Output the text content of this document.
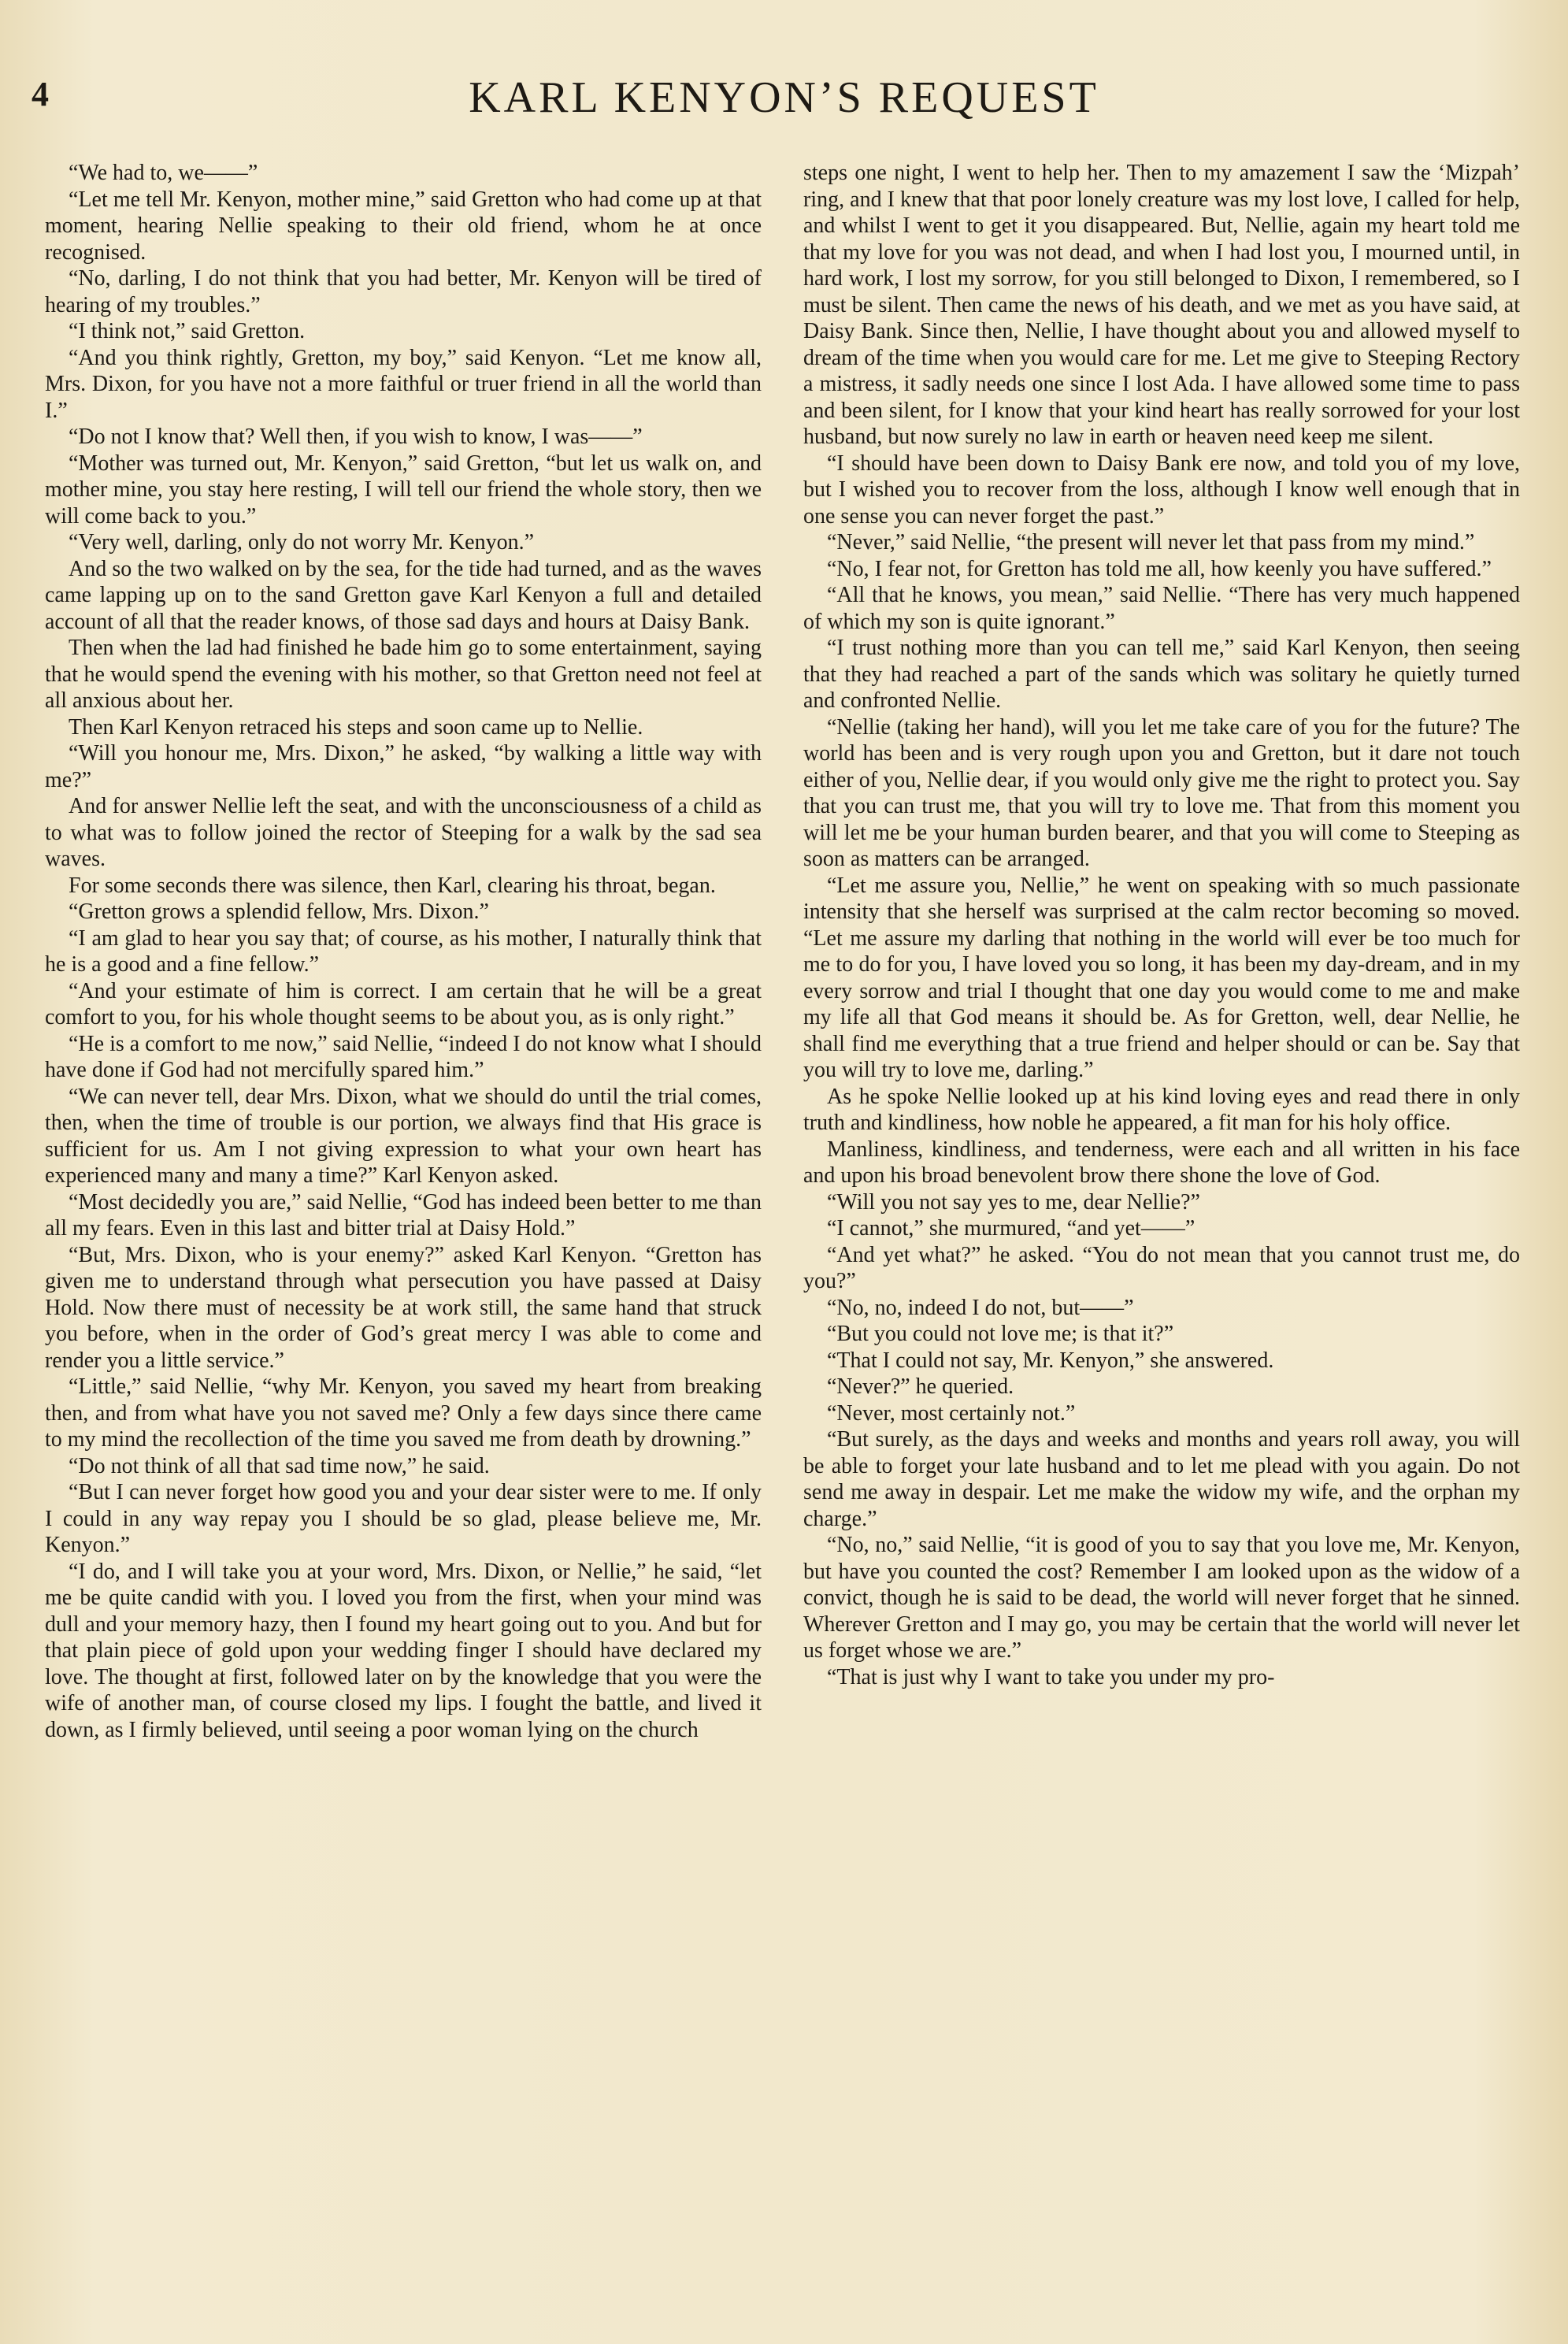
4	KARL KENYON’S REQUEST

“We had to, we——”

“Let me tell Mr. Kenyon, mother mine,” said Gretton who had come up at that moment, hearing Nellie speaking to their old friend, whom he at once recognised.

“No, darling, I do not think that you had better, Mr. Kenyon will be tired of hearing of my troubles.”

“I think not,” said Gretton.

“And you think rightly, Gretton, my boy,” said Kenyon. “Let me know all, Mrs. Dixon, for you have not a more faithful or truer friend in all the world than I.”

“Do not I know that? Well then, if you wish to know, I was——”

“Mother was turned out, Mr. Kenyon,” said Gretton, “but let us walk on, and mother mine, you stay here resting, I will tell our friend the whole story, then we will come back to you.”

“Very well, darling, only do not worry Mr. Kenyon.”

And so the two walked on by the sea, for the tide had turned, and as the waves came lapping up on to the sand Gretton gave Karl Kenyon a full and detailed account of all that the reader knows, of those sad days and hours at Daisy Bank.

Then when the lad had finished he bade him go to some entertainment, saying that he would spend the evening with his mother, so that Gretton need not feel at all anxious about her.

Then Karl Kenyon retraced his steps and soon came up to Nellie.

“Will you honour me, Mrs. Dixon,” he asked, “by walking a little way with me?”

And for answer Nellie left the seat, and with the unconsciousness of a child as to what was to follow joined the rector of Steeping for a walk by the sad sea waves.

For some seconds there was silence, then Karl, clearing his throat, began.

“Gretton grows a splendid fellow, Mrs. Dixon.”

“I am glad to hear you say that; of course, as his mother, I naturally think that he is a good and a fine fellow.”

“And your estimate of him is correct. I am certain that he will be a great comfort to you, for his whole thought seems to be about you, as is only right.”

“He is a comfort to me now,” said Nellie, “indeed I do not know what I should have done if God had not mercifully spared him.”

“We can never tell, dear Mrs. Dixon, what we should do until the trial comes, then, when the time of trouble is our portion, we always find that His grace is sufficient for us. Am I not giving expression to what your own heart has experienced many and many a time?” Karl Kenyon asked.

“Most decidedly you are,” said Nellie, “God has indeed been better to me than all my fears. Even in this last and bitter trial at Daisy Hold.”

“But, Mrs. Dixon, who is your enemy?” asked Karl Kenyon. “Gretton has given me to understand through what persecution you have passed at Daisy Hold. Now there must of necessity be at work still, the same hand that struck you before, when in the order of God’s great mercy I was able to come and render you a little service.”

“Little,” said Nellie, “why Mr. Kenyon, you saved my heart from breaking then, and from what have you not saved me? Only a few days since there came to my mind the recollection of the time you saved me from death by drowning.”

“Do not think of all that sad time now,” he said.

“But I can never forget how good you and your dear sister were to me. If only I could in any way repay you I should be so glad, please believe me, Mr. Kenyon.”

“I do, and I will take you at your word, Mrs. Dixon, or Nellie,” he said, “let me be quite candid with you. I loved you from the first, when your mind was dull and your memory hazy, then I found my heart going out to you. And but for that plain piece of gold upon your wedding finger I should have declared my love. The thought at first, followed later on by the knowledge that you were the wife of another man, of course closed my lips. I fought the battle, and lived it down, as I firmly believed, until seeing a poor woman lying on the church

steps one night, I went to help her. Then to my amazement I saw the ‘Mizpah’ ring, and I knew that that poor lonely creature was my lost love, I called for help, and whilst I went to get it you disappeared. But, Nellie, again my heart told me that my love for you was not dead, and when I had lost you, I mourned until, in hard work, I lost my sorrow, for you still belonged to Dixon, I remembered, so I must be silent. Then came the news of his death, and we met as you have said, at Daisy Bank. Since then, Nellie, I have thought about you and allowed myself to dream of the time when you would care for me. Let me give to Steeping Rectory a mistress, it sadly needs one since I lost Ada. I have allowed some time to pass and been silent, for I know that your kind heart has really sorrowed for your lost husband, but now surely no law in earth or heaven need keep me silent.

“I should have been down to Daisy Bank ere now, and told you of my love, but I wished you to recover from the loss, although I know well enough that in one sense you can never forget the past.”

“Never,” said Nellie, “the present will never let that pass from my mind.”

“No, I fear not, for Gretton has told me all, how keenly you have suffered.”

“All that he knows, you mean,” said Nellie. “There has very much happened of which my son is quite ignorant.”

“I trust nothing more than you can tell me,” said Karl Kenyon, then seeing that they had reached a part of the sands which was solitary he quietly turned and confronted Nellie.

“Nellie (taking her hand), will you let me take care of you for the future? The world has been and is very rough upon you and Gretton, but it dare not touch either of you, Nellie dear, if you would only give me the right to protect you. Say that you can trust me, that you will try to love me. That from this moment you will let me be your human burden bearer, and that you will come to Steeping as soon as matters can be arranged.

“Let me assure you, Nellie,” he went on speaking with so much passionate intensity that she herself was surprised at the calm rector becoming so moved. “Let me assure my darling that nothing in the world will ever be too much for me to do for you, I have loved you so long, it has been my day-dream, and in my every sorrow and trial I thought that one day you would come to me and make my life all that God means it should be. As for Gretton, well, dear Nellie, he shall find me everything that a true friend and helper should or can be. Say that you will try to love me, darling.”

As he spoke Nellie looked up at his kind loving eyes and read there in only truth and kindliness, how noble he appeared, a fit man for his holy office.

Manliness, kindliness, and tenderness, were each and all written in his face and upon his broad benevolent brow there shone the love of God.

“Will you not say yes to me, dear Nellie?”

“I cannot,” she murmured, “and yet——”

“And yet what?” he asked. “You do not mean that you cannot trust me, do you?”

“No, no, indeed I do not, but——”

“But you could not love me; is that it?”

“That I could not say, Mr. Kenyon,” she answered.

“Never?” he queried.

“Never, most certainly not.”

“But surely, as the days and weeks and months and years roll away, you will be able to forget your late husband and to let me plead with you again. Do not send me away in despair. Let me make the widow my wife, and the orphan my charge.”

“No, no,” said Nellie, “it is good of you to say that you love me, Mr. Kenyon, but have you counted the cost? Remember I am looked upon as the widow of a convict, though he is said to be dead, the world will never forget that he sinned. Wherever Gretton and I may go, you may be certain that the world will never let us forget whose we are.”

“That is just why I want to take you under my pro-
